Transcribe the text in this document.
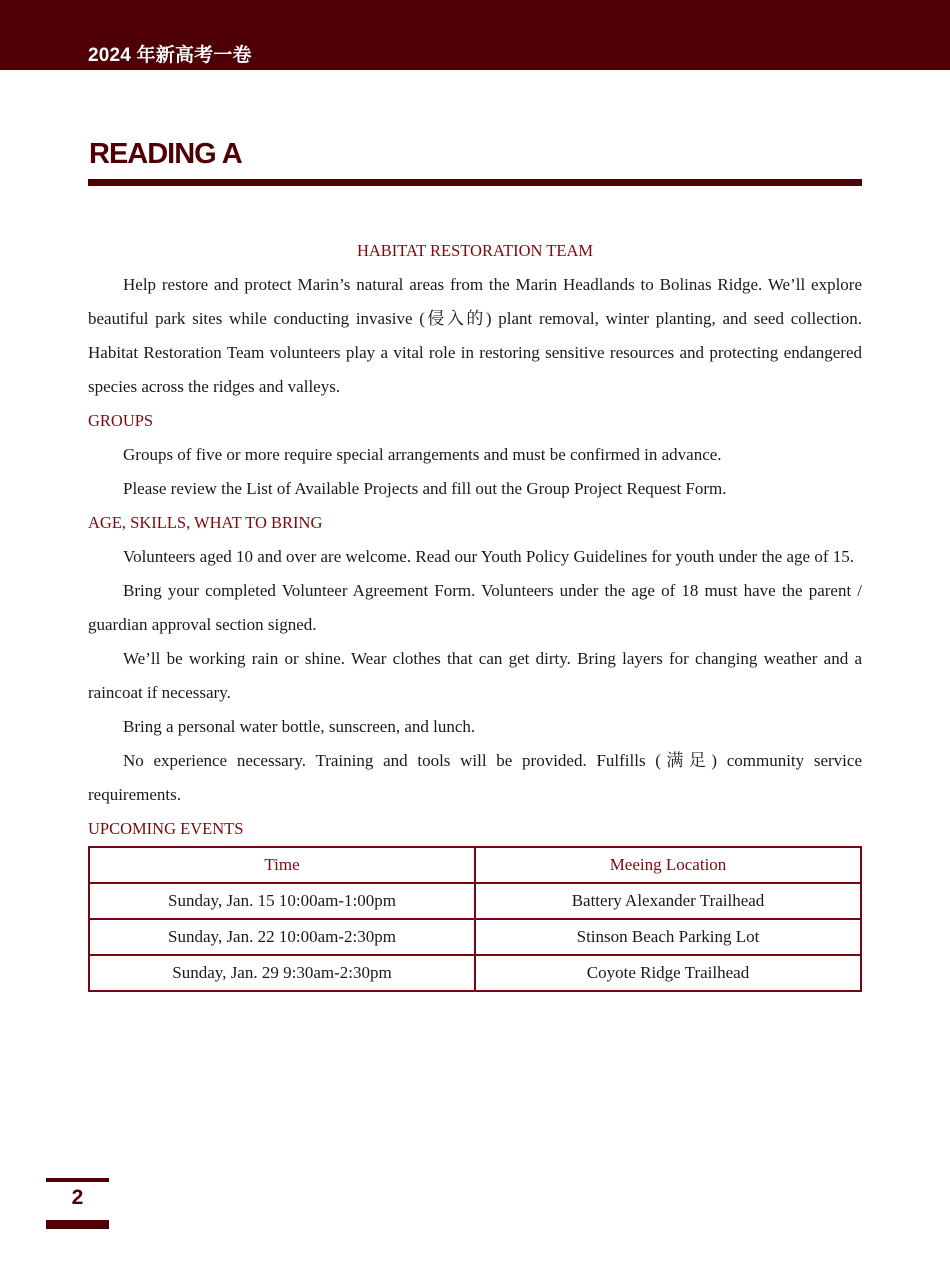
2024 年新高考一卷
READING A
HABITAT RESTORATION TEAM

Help restore and protect Marin’s natural areas from the Marin Headlands to Bolinas Ridge. We’ll explore beautiful park sites while conducting invasive (侵入的) plant removal, winter planting, and seed collection. Habitat Restoration Team volunteers play a vital role in restoring sensitive resources and protecting endangered species across the ridges and valleys.

GROUPS

Groups of five or more require special arrangements and must be confirmed in advance.

Please review the List of Available Projects and fill out the Group Project Request Form.

AGE, SKILLS, WHAT TO BRING

Volunteers aged 10 and over are welcome. Read our Youth Policy Guidelines for youth under the age of 15.

Bring your completed Volunteer Agreement Form. Volunteers under the age of 18 must have the parent / guardian approval section signed.

We’ll be working rain or shine. Wear clothes that can get dirty. Bring layers for changing weather and a raincoat if necessary.

Bring a personal water bottle, sunscreen, and lunch.

No experience necessary. Training and tools will be provided. Fulfills (满足) community service requirements.

UPCOMING EVENTS
Time	Meeing Location
Sunday, Jan. 15 10:00am-1:00pm	Battery Alexander Trailhead
Sunday, Jan. 22 10:00am-2:30pm	Stinson Beach Parking Lot
Sunday, Jan. 29 9:30am-2:30pm	Coyote Ridge Trailhead
2
